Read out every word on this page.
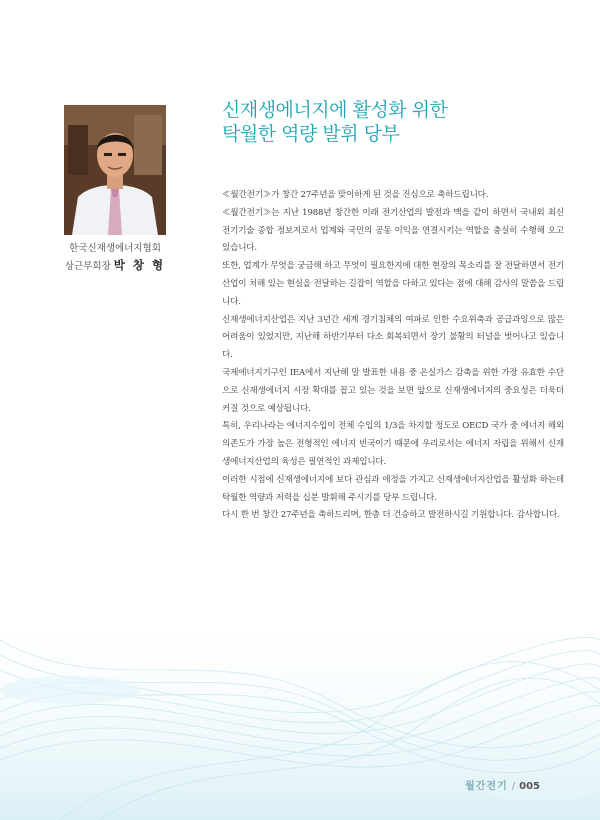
한국신재생에너지협회
상근부회장 박 창 형
신재생에너지에 활성화 위한
탁월한 역량 발휘 당부

≪월간전기≫가 창간 27주년을 맞이하게 된 것을 진심으로 축하드립니다.

≪월간전기≫는 지난 1988년 창간한 이래 전기산업의 발전과 맥을 같이 하면서 국내외 최신 전기기술 종합 정보지로서 업계와 국민의 공동 이익을 연결시키는 역할을 충실히 수행해 오고 있습니다.

또한, 업계가 무엇을 궁금해 하고 무엇이 필요한지에 대한 현장의 목소리를 잘 전달하면서 전기산업이 처해 있는 현실을 전달하는 길잡이 역할을 다하고 있다는 점에 대해 감사의 말씀을 드립니다.

신재생에너지산업은 지난 3년간 세계 경기침체의 여파로 인한 수요위축과 공급과잉으로 많은 어려움이 있었지만, 지난해 하반기부터 다소 회복되면서 장기 불황의 터널을 벗어나고 있습니다.

국제에너지기구인 IEA에서 지난해 말 발표한 내용 중 온실가스 감축을 위한 가장 유효한 수단으로 신재생에너지 시장 확대를 꼽고 있는 것을 보면 앞으로 신재생에너지의 중요성은 더욱더 커질 것으로 예상됩니다.

특히, 우리나라는 에너지수입이 전체 수입의 1/3을 차지할 정도로 OECD 국가 중 에너지 해외의존도가 가장 높은 전형적인 에너지 빈국이기 때문에 우리로서는 에너지 자립을 위해서 신재생에너지산업의 육성은 필연적인 과제입니다.

이러한 시점에 신재생에너지에 보다 관심과 애정을 가지고 신재생에너지산업을 활성화 하는데 탁월한 역량과 저력을 십분 발휘해 주시기를 당부 드립니다.

다시 한 번 창간 27주년을 축하드리며, 한층 더 건승하고 발전하시길 기원합니다. 감사합니다.

월간전기 / 005
